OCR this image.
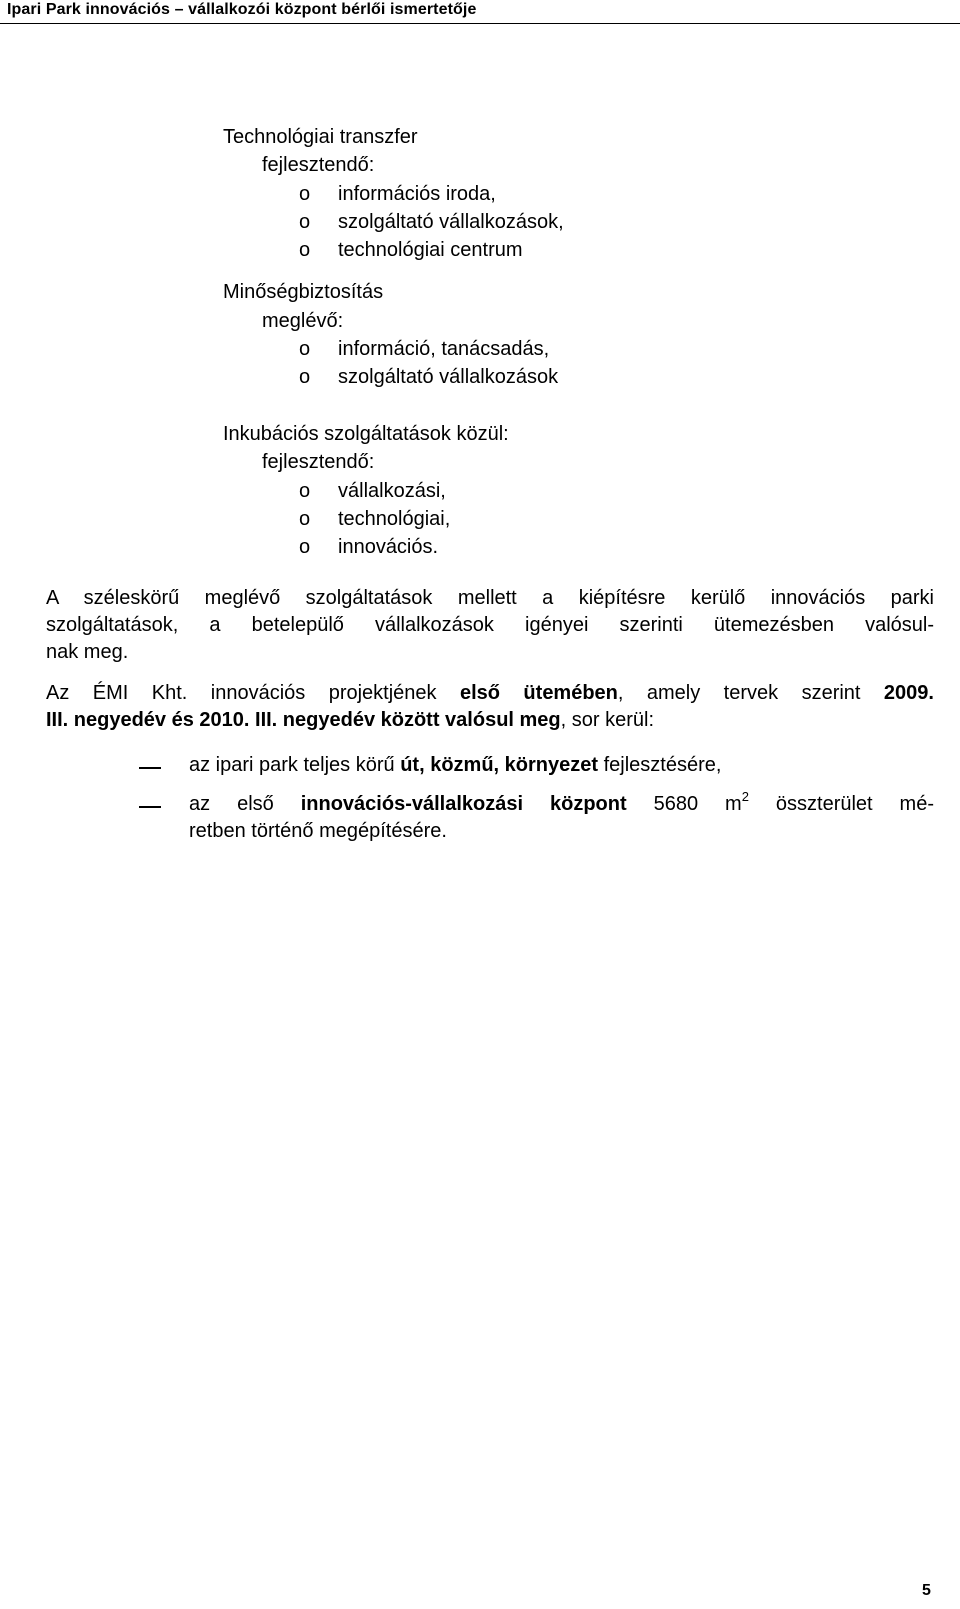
Ipari Park innovációs – vállalkozói központ bérlői ismertetője
Technológiai transzfer
fejlesztendő:
o információs iroda,
o szolgáltató vállalkozások,
o technológiai centrum
Minőségbiztosítás
meglévő:
o információ, tanácsadás,
o szolgáltató vállalkozások
Inkubációs szolgáltatások közül:
fejlesztendő:
o vállalkozási,
o technológiai,
o innovációs.
A széleskörű meglévő szolgáltatások mellett a kiépítésre kerülő innovációs parki
szolgáltatások, a betelepülő vállalkozások igényei szerinti ütemezésben valósul-
nak meg.
Az ÉMI Kht. innovációs projektjének első ütemében, amely tervek szerint 2009.
III. negyedév és 2010. III. negyedév között valósul meg, sor kerül:
az ipari park teljes körű út, közmű, környezet fejlesztésére,
az első innovációs-vállalkozási központ 5680 $m^2$ összterület mé-
retben történő megépítésére.
5
